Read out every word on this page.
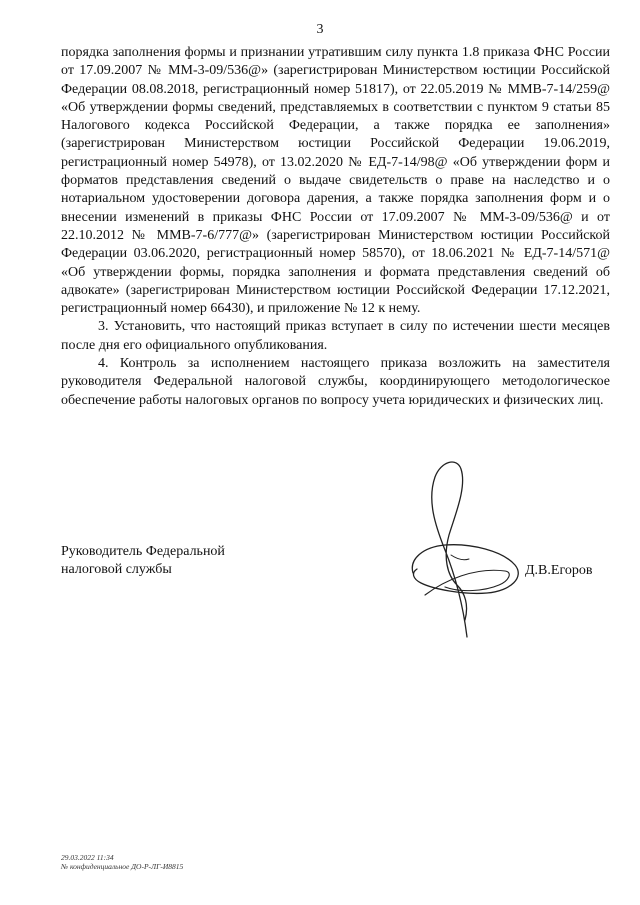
3

порядка заполнения формы и признании утратившим силу пункта 1.8 приказа ФНС России от 17.09.2007 № ММ-3-09/536@» (зарегистрирован Министерством юстиции Российской Федерации 08.08.2018, регистрационный номер 51817), от 22.05.2019 № ММВ-7-14/259@ «Об утверждении формы сведений, представляемых в соответствии с пунктом 9 статьи 85 Налогового кодекса Российской Федерации, а также порядка ее заполнения» (зарегистрирован Министерством юстиции Российской Федерации 19.06.2019, регистрационный номер 54978), от 13.02.2020 № ЕД-7-14/98@ «Об утверждении форм и форматов представления сведений о выдаче свидетельств о праве на наследство и о нотариальном удостоверении договора дарения, а также порядка заполнения форм и о внесении изменений в приказы ФНС России от 17.09.2007 № ММ-3-09/536@ и от 22.10.2012 № ММВ-7-6/777@» (зарегистрирован Министерством юстиции Российской Федерации 03.06.2020, регистрационный номер 58570), от 18.06.2021 № ЕД-7-14/571@ «Об утверждении формы, порядка заполнения и формата представления сведений об адвокате» (зарегистрирован Министерством юстиции Российской Федерации 17.12.2021, регистрационный номер 66430), и приложение № 12 к нему.

3. Установить, что настоящий приказ вступает в силу по истечении шести месяцев после дня его официального опубликования.

4. Контроль за исполнением настоящего приказа возложить на заместителя руководителя Федеральной налоговой службы, координирующего методологическое обеспечение работы налоговых органов по вопросу учета юридических и физических лиц.

Руководитель Федеральной
налоговой службы	Д.В.Егоров
29.03.2022 11:34
№ конфиденциальное ДО-Р-ЛГ-И8815
